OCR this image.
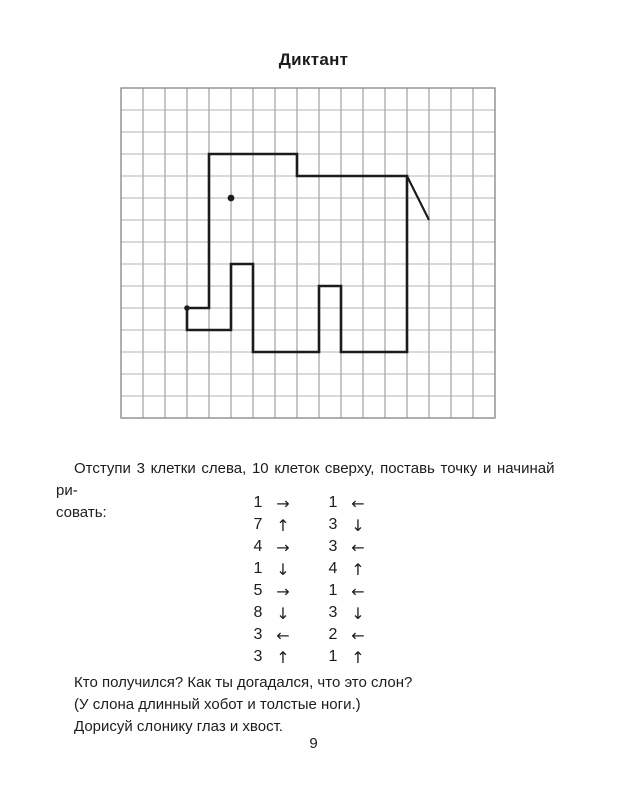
Диктант

Отступи 3 клетки слева, 10 клеток сверху, поставь точку и начинай ри-
совать:

1 →	1 ←
7 ↑	3 ↓
4 →	3 ←
1 ↓	4 ↑
5 →	1 ←
8 ↓	3 ↓
3 ←	2 ←
3 ↑	1 ↑
Кто получился? Как ты догадался, что это слон?
(У слона длинный хобот и толстые ноги.)
Дорисуй слонику глаз и хвост.
9
